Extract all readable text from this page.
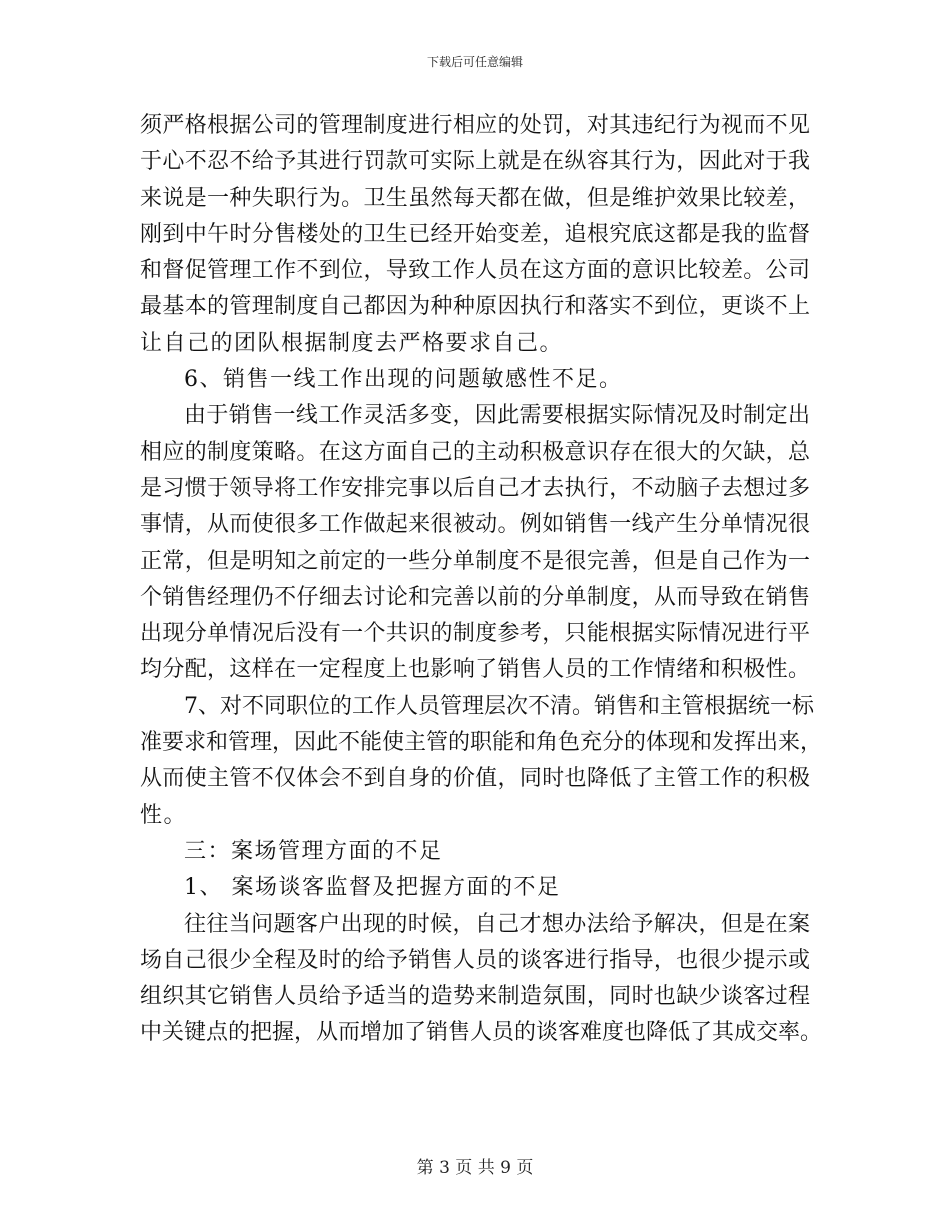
下载后可任意编辑
须严格根据公司的管理制度进行相应的处罚，对其违纪行为视而不见
于心不忍不给予其进行罚款可实际上就是在纵容其行为，因此对于我
来说是一种失职行为。卫生虽然每天都在做，但是维护效果比较差，
刚到中午时分售楼处的卫生已经开始变差，追根究底这都是我的监督
和督促管理工作不到位，导致工作人员在这方面的意识比较差。公司
最基本的管理制度自己都因为种种原因执行和落实不到位，更谈不上
让自己的团队根据制度去严格要求自己。
6、销售一线工作出现的问题敏感性不足。
由于销售一线工作灵活多变，因此需要根据实际情况及时制定出
相应的制度策略。在这方面自己的主动积极意识存在很大的欠缺，总
是习惯于领导将工作安排完事以后自己才去执行，不动脑子去想过多
事情，从而使很多工作做起来很被动。例如销售一线产生分单情况很
正常，但是明知之前定的一些分单制度不是很完善，但是自己作为一
个销售经理仍不仔细去讨论和完善以前的分单制度，从而导致在销售
出现分单情况后没有一个共识的制度参考，只能根据实际情况进行平
均分配，这样在一定程度上也影响了销售人员的工作情绪和积极性。
7、对不同职位的工作人员管理层次不清。销售和主管根据统一标
准要求和管理，因此不能使主管的职能和角色充分的体现和发挥出来，
从而使主管不仅体会不到自身的价值，同时也降低了主管工作的积极
性。
三：案场管理方面的不足
1、 案场谈客监督及把握方面的不足
往往当问题客户出现的时候，自己才想办法给予解决，但是在案
场自己很少全程及时的给予销售人员的谈客进行指导，也很少提示或
组织其它销售人员给予适当的造势来制造氛围，同时也缺少谈客过程
中关键点的把握，从而增加了销售人员的谈客难度也降低了其成交率。
第 3 页 共 9 页
